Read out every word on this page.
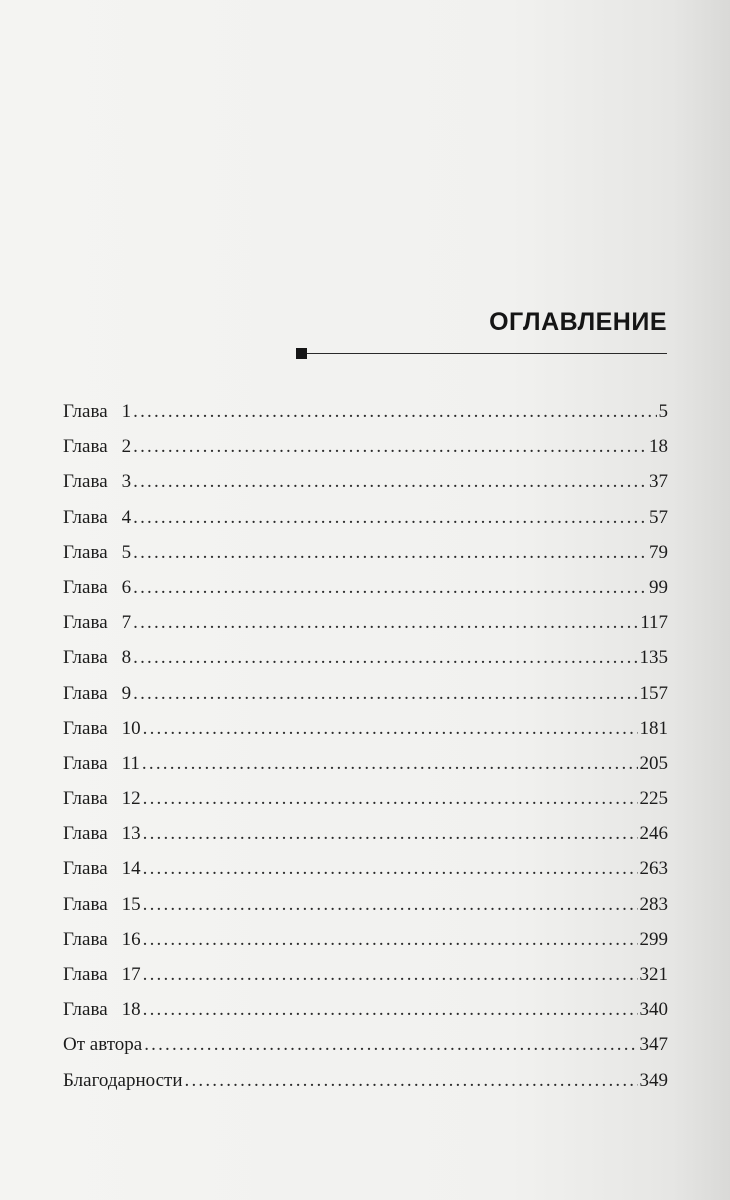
ОГЛАВЛЕНИЕ
Глава 1 .....	5
Глава 2 .....	18
Глава 3 .....	37
Глава 4 .....	57
Глава 5 .....	79
Глава 6 .....	99
Глава 7 .....	117
Глава 8 .....	135
Глава 9 .....	157
Глава 10 .....	181
Глава 11 .....	205
Глава 12 .....	225
Глава 13 .....	246
Глава 14 .....	263
Глава 15 .....	283
Глава 16 .....	299
Глава 17 .....	321
Глава 18 .....	340
От автора .....	347
Благодарности .....	349
